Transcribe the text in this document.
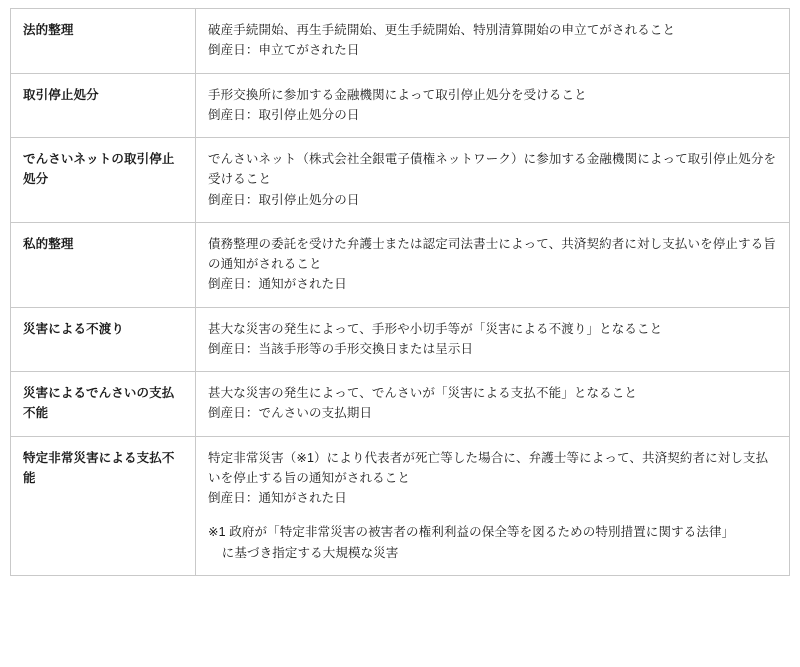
法的整理	破産手続開始、再生手続開始、更生手続開始、特別清算開始の申立てがされること
倒産日：申立てがされた日

取引停止処分	手形交換所に参加する金融機関によって取引停止処分を受けること
倒産日：取引停止処分の日

でんさいネットの取引停止処分	でんさいネット（株式会社全銀電子債権ネットワーク）に参加する金融機関によって取引停止処分を受けること
倒産日：取引停止処分の日

私的整理	債務整理の委託を受けた弁護士または認定司法書士によって、共済契約者に対し支払いを停止する旨の通知がされること
倒産日：通知がされた日

災害による不渡り	甚大な災害の発生によって、手形や小切手等が「災害による不渡り」となること
倒産日：当該手形等の手形交換日または呈示日

災害によるでんさいの支払不能	甚大な災害の発生によって、でんさいが「災害による支払不能」となること
倒産日：でんさいの支払期日

特定非常災害による支払不能	特定非常災害（※1）により代表者が死亡等した場合に、弁護士等によって、共済契約者に対し支払いを停止する旨の通知がされること
倒産日：通知がされた日
※1 政府が「特定非常災害の被害者の権利利益の保全等を図るための特別措置に関する法律」
に基づき指定する大規模な災害
